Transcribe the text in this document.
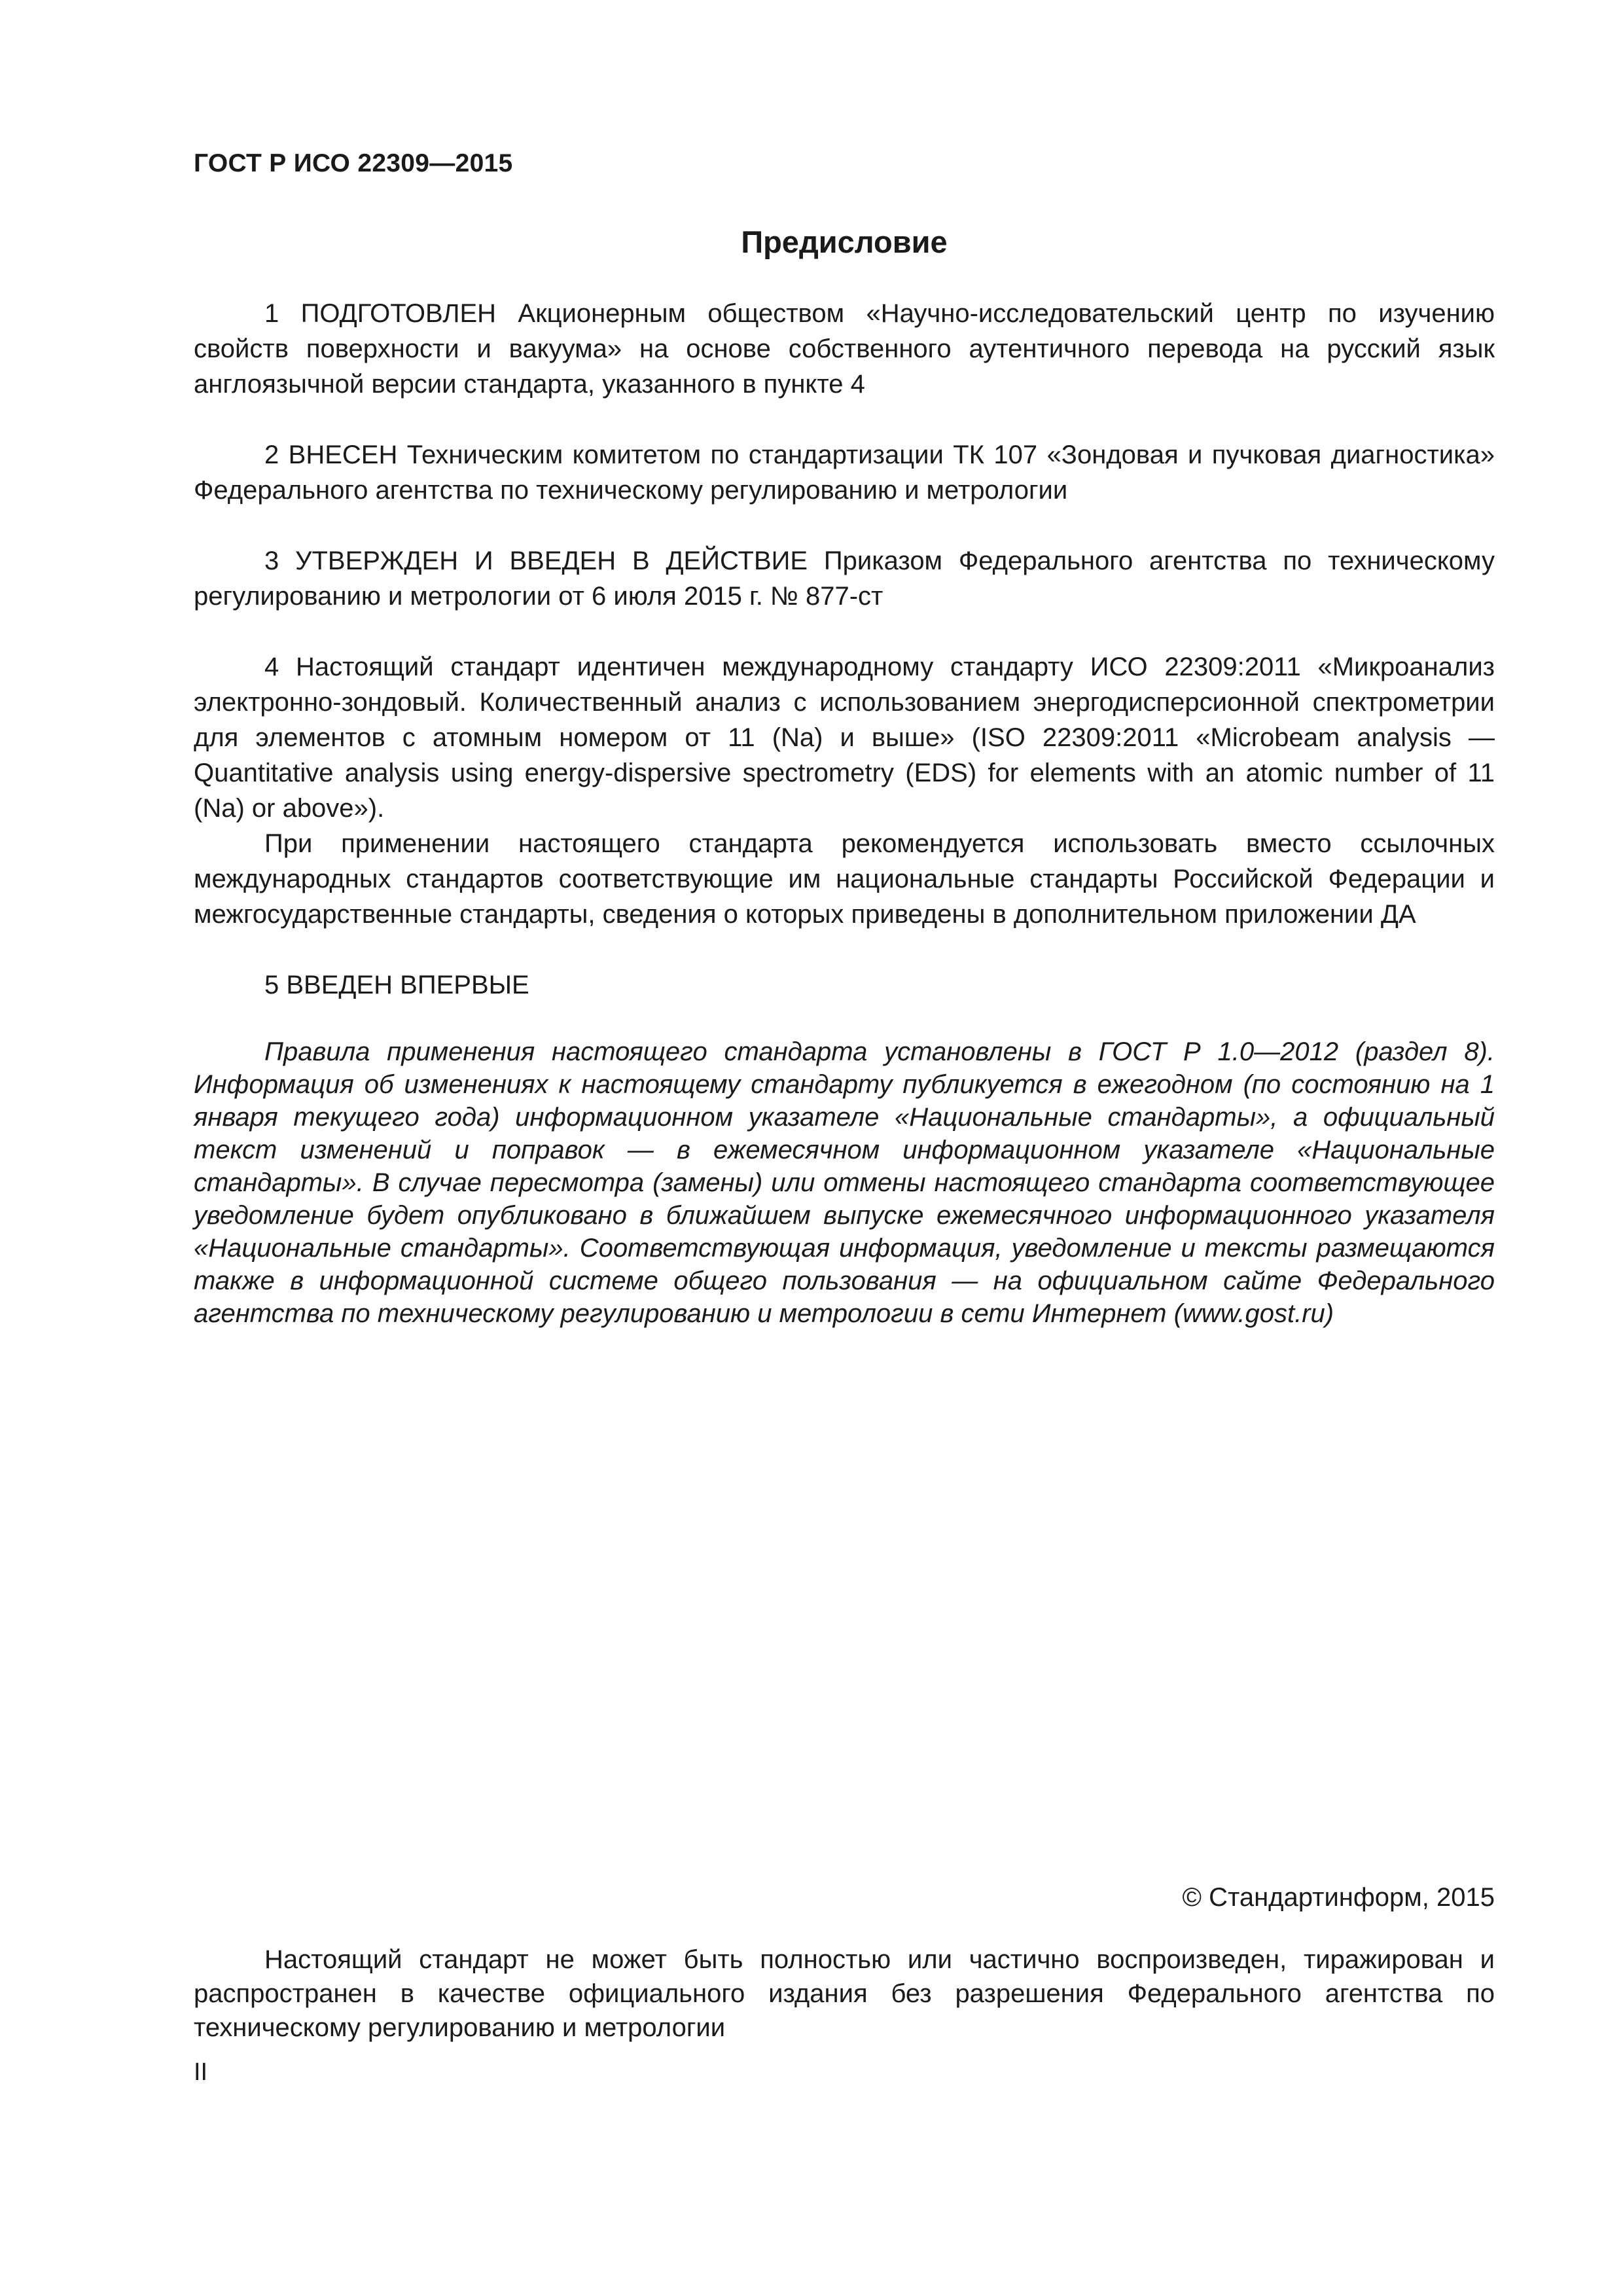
ГОСТ Р ИСО 22309—2015
Предисловие

1 ПОДГОТОВЛЕН Акционерным обществом «Научно-исследовательский центр по изучению свойств поверхности и вакуума» на основе собственного аутентичного перевода на русский язык англоязычной версии стандарта, указанного в пункте 4

2 ВНЕСЕН Техническим комитетом по стандартизации ТК 107 «Зондовая и пучковая диагностика» Федерального агентства по техническому регулированию и метрологии

3 УТВЕРЖДЕН И ВВЕДЕН В ДЕЙСТВИЕ Приказом Федерального агентства по техническому регулированию и метрологии от 6 июля 2015 г. № 877-ст

4 Настоящий стандарт идентичен международному стандарту ИСО 22309:2011 «Микроанализ электронно-зондовый. Количественный анализ с использованием энергодисперсионной спектрометрии для элементов с атомным номером от 11 (Na) и выше» (ISO 22309:2011 «Microbeam analysis — Quantitative analysis using energy-dispersive spectrometry (EDS) for elements with an atomic number of 11 (Na) or above»).

При применении настоящего стандарта рекомендуется использовать вместо ссылочных международных стандартов соответствующие им национальные стандарты Российской Федерации и межгосударственные стандарты, сведения о которых приведены в дополнительном приложении ДА

5 ВВЕДЕН ВПЕРВЫЕ

Правила применения настоящего стандарта установлены в ГОСТ Р 1.0—2012 (раздел 8). Информация об изменениях к настоящему стандарту публикуется в ежегодном (по состоянию на 1 января текущего года) информационном указателе «Национальные стандарты», а официальный текст изменений и поправок — в ежемесячном информационном указателе «Национальные стандарты». В случае пересмотра (замены) или отмены настоящего стандарта соответствующее уведомление будет опубликовано в ближайшем выпуске ежемесячного информационного указателя «Национальные стандарты». Соответствующая информация, уведомление и тексты размещаются также в информационной системе общего пользования — на официальном сайте Федерального агентства по техническому регулированию и метрологии в сети Интернет (www.gost.ru)

© Стандартинформ, 2015

Настоящий стандарт не может быть полностью или частично воспроизведен, тиражирован и распространен в качестве официального издания без разрешения Федерального агентства по техническому регулированию и метрологии

II
